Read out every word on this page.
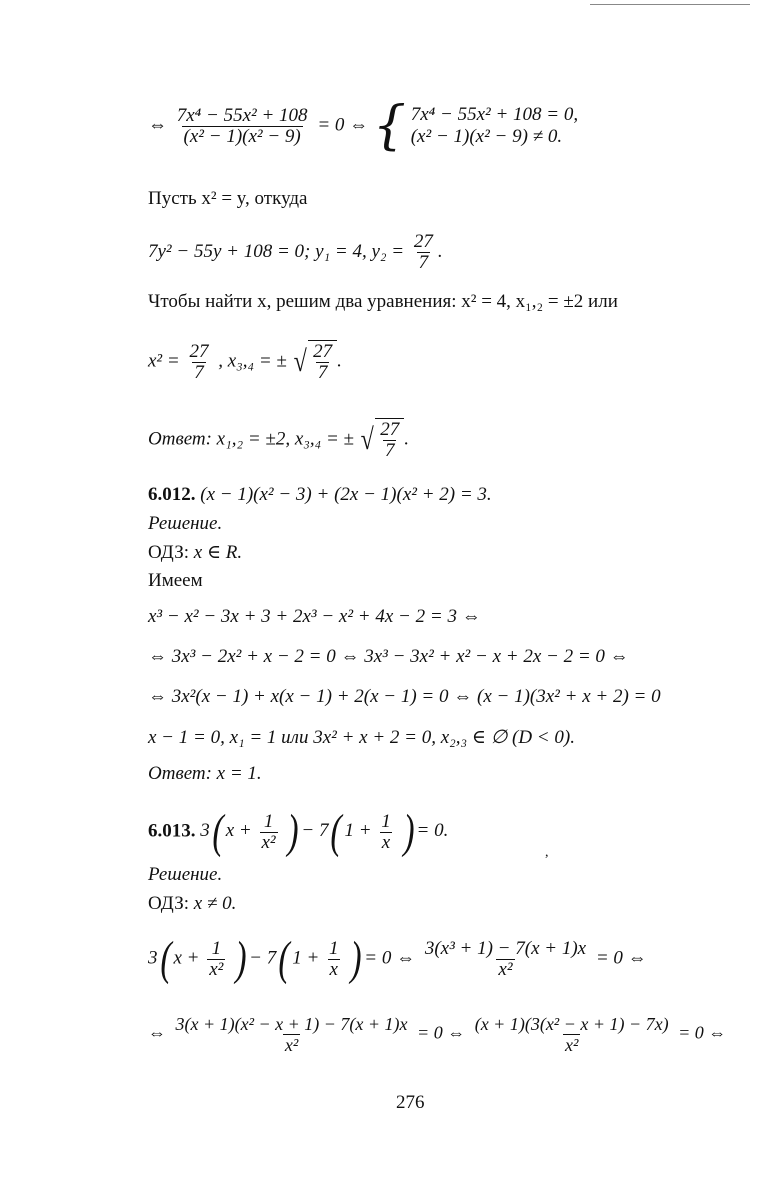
⇔ $\frac{\text{7x⁴ − 55x² + 108}}{\text{(x² − 1)(x² − 9)}} = 0$ ⇔ { 7x⁴ − 55x² + 108 = 0,
(x² − 1)(x² − 9) ≠ 0.
Пусть x² = y, откуда
7y² − 55y + 108 = 0; y₁ = 4, $y_2 = \frac{27}{7}$ .
Чтобы найти x, решим два уравнения: x² = 4, x₁,₂ = ±2 или
$x^2 = \frac{27}{7}$ , x₃,₄ = ± √ $\frac{27}{7}$ .
Ответ: x₁,₂ = ±2, x₃,₄ = ± √ $\frac{27}{7}$ .
6.012. (x − 1)(x² − 3) + (2x − 1)(x² + 2) = 3.
Решение.
ОДЗ: x ∈ R.
Имеем
x³ − x² − 3x + 3 + 2x³ − x² + 4x − 2 = 3 ⇔
⇔ 3x³ − 2x² + x − 2 = 0 ⇔ 3x³ − 3x² + x² − x + 2x − 2 = 0 ⇔
⇔ 3x²(x − 1) + x(x − 1) + 2(x − 1) = 0 ⇔ (x − 1)(3x² + x + 2) = 0
x − 1 = 0, x₁ = 1 или 3x² + x + 2 = 0, x₂,₃ ∈ ∅ (D < 0).
Ответ: x = 1.
6.013. 3( $x + \frac{1}{\text{x²}}$ ) − 7( $1 + \frac{1}{x}$ ) = 0.
,
Решение.
ОДЗ: x ≠ 0.
3( $x + \frac{1}{\text{x²}}$ ) − 7( $1 + \frac{1}{x}$ ) = 0 ⇔ $\frac{\text{3(x³ + 1) − 7(x + 1)x}}{\text{x²}} = 0$ ⇔
⇔ $\frac{\text{3(x + 1)(x² − x + 1) − 7(x + 1)x}}{\text{x²}} = 0$ ⇔ $\frac{\text{(x + 1)(3(x² − x + 1) − 7x)}}{\text{x²}} = 0$ ⇔
276
